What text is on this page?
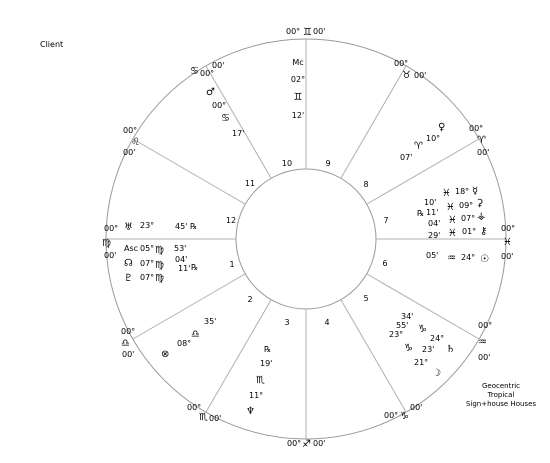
Client
1
2
3	4
5
6
7
8
9
10
11
12
00° ♊ 00'
00°
♉ 00'
00°
♈
00'
00°
♓
00'
00°
♒
00'
00° ♑
00'
00° ♐ 00'
00°
♏ 00'
00°
♎
00'
00°
♍
00'
00°
♌
00'
♋ 00°
00'	Mc
02°
♊
12'
♂
00°
♋
17'
♀
10°
♈
07'
☿
18°
♓
10'	⚳
09°
♓
11'	⚶
07°
♓
04'
℞
⚷
01°
♓
29'
☉
24°
♒
05'
34'
55'
23° ♑
24°
♑ 23' ♄
21°
☽
℞
19'
♏
11°
♆
35'
♎
08°
⊗
♅ 23°	45' ℞
Asc 05° ♍ 53'
☊ 07° ♍
04'
11' ℞
♇ 07° ♍
Geocentric
Tropical
Sign+house Houses
